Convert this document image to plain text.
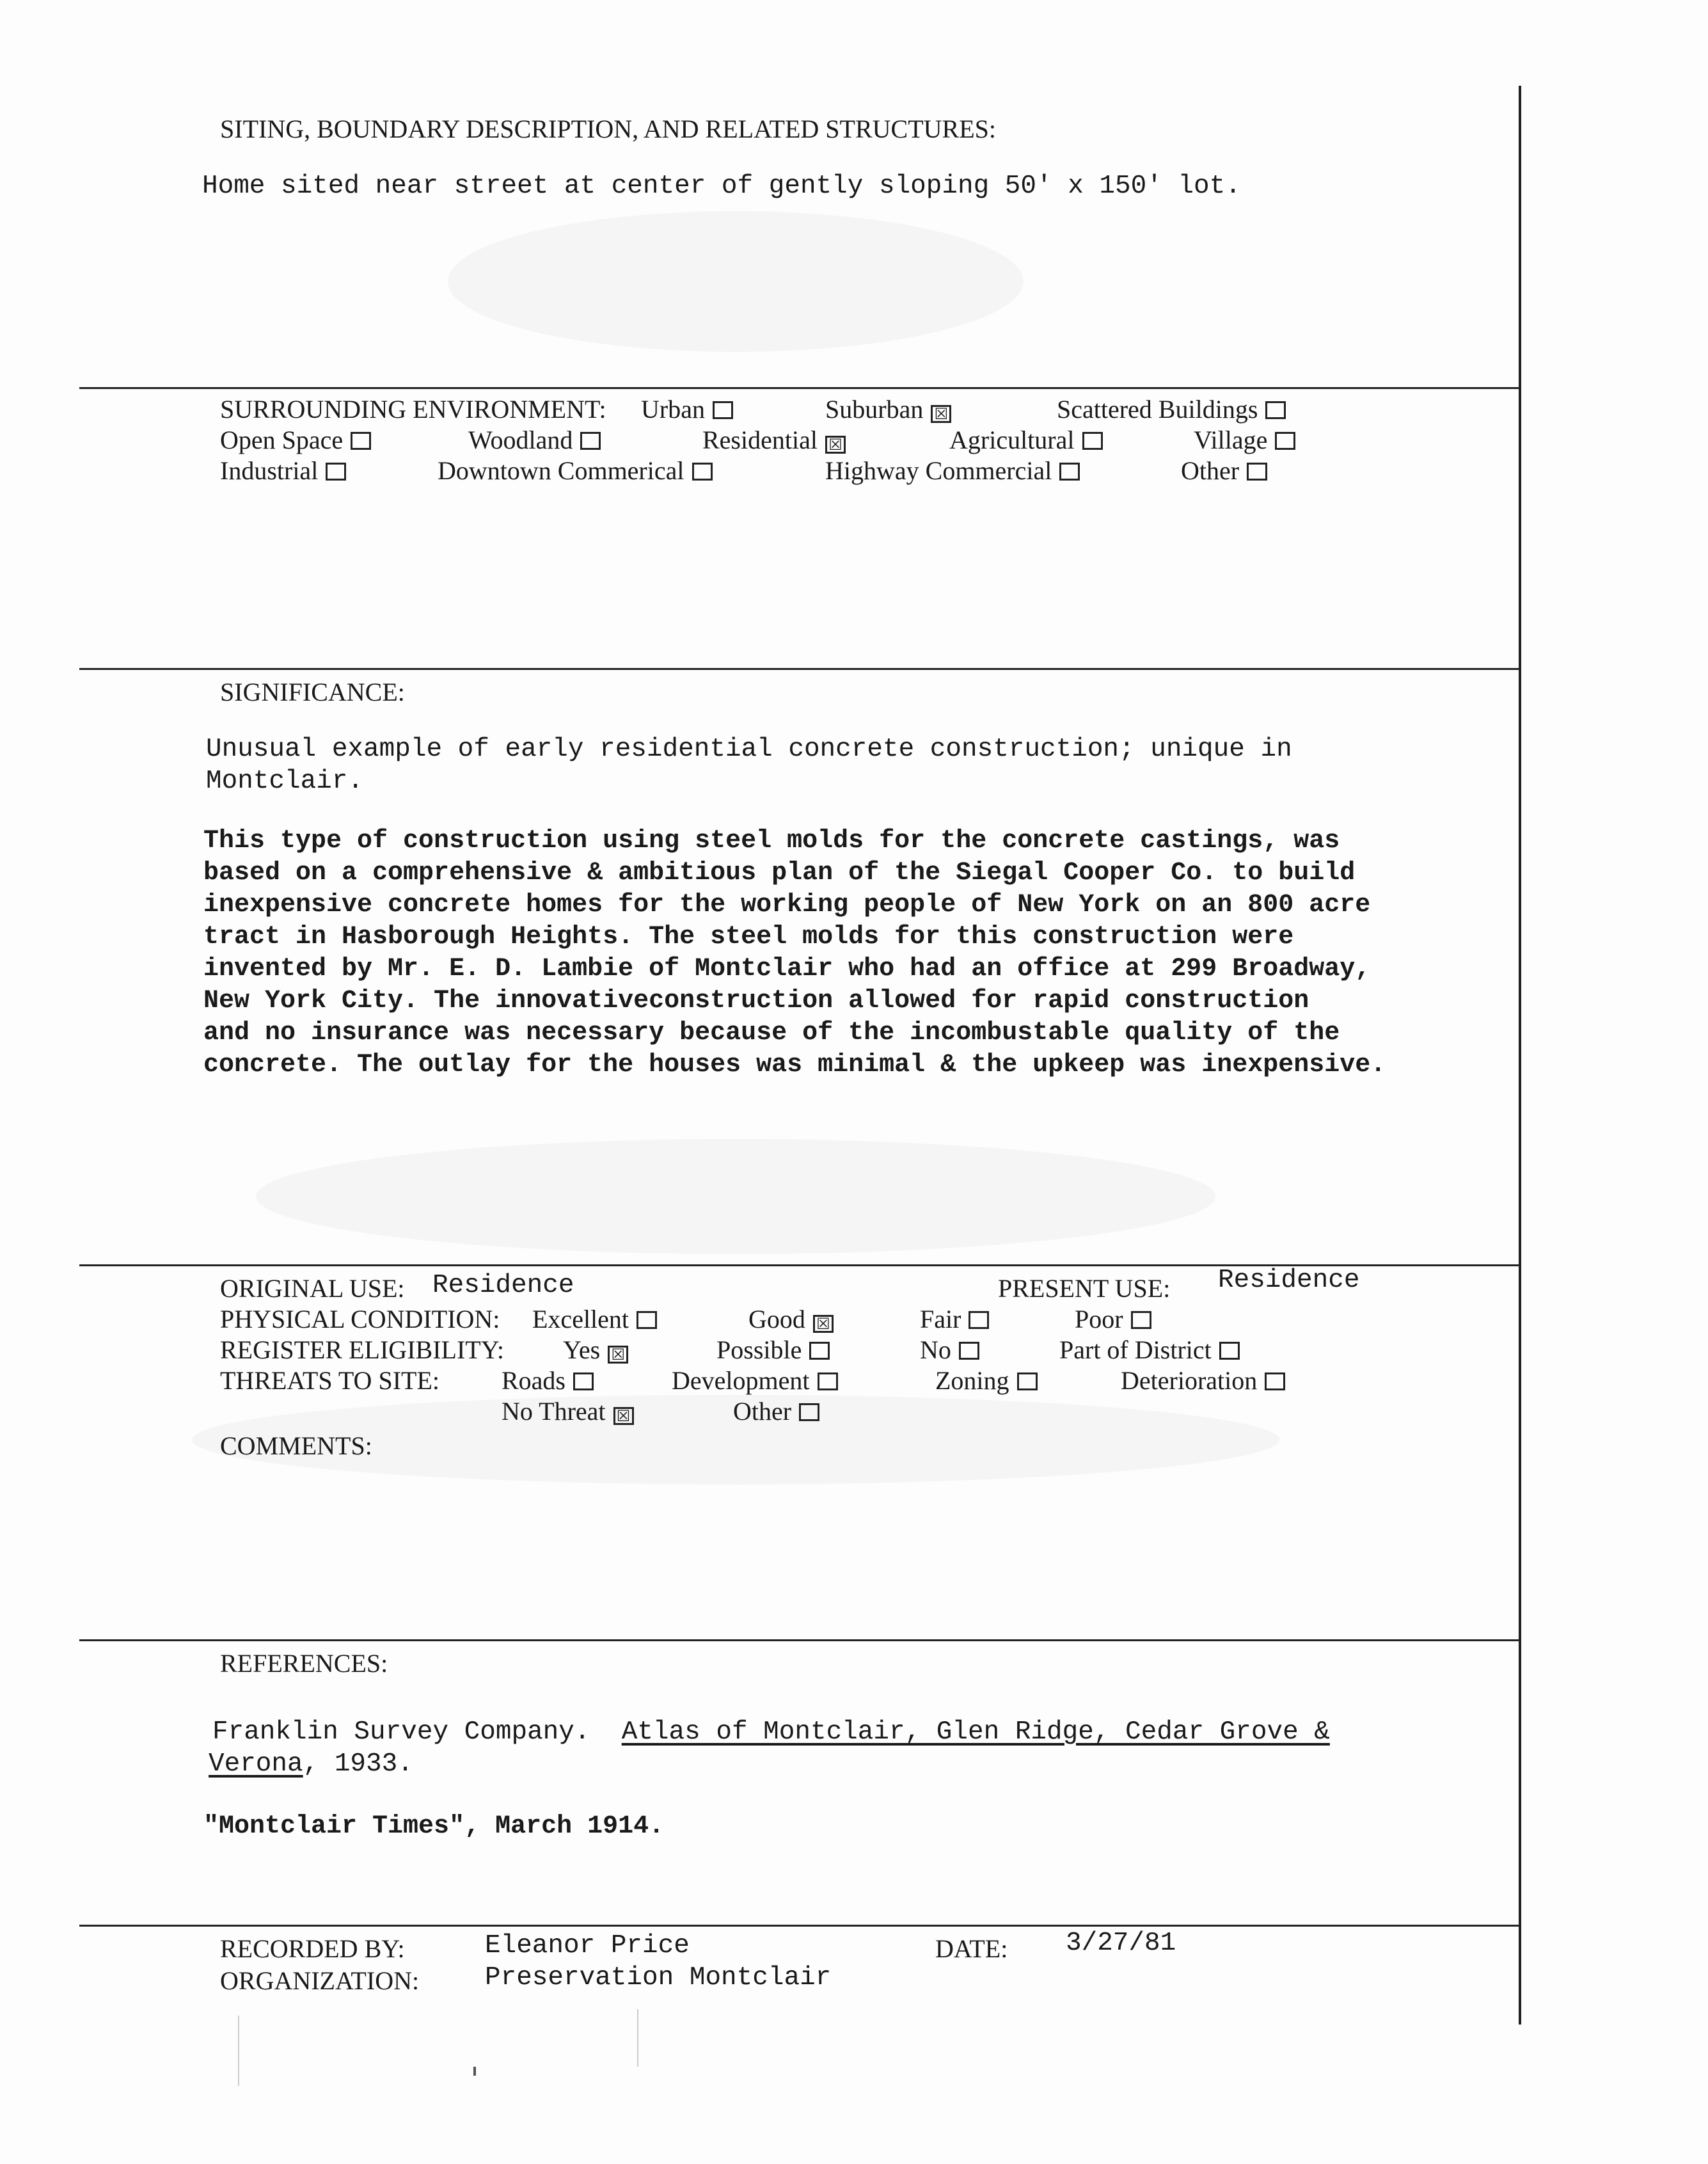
SITING, BOUNDARY DESCRIPTION, AND RELATED STRUCTURES:
Home sited near street at center of gently sloping 50' x 150' lot.
SURROUNDING ENVIRONMENT: Urban	Suburban ☒	Scattered Buildings
Open Space	Woodland	Residential ☒	Agricultural	Village
Industrial	Downtown Commerical	Highway Commercial	Other
SIGNIFICANCE:
Unusual example of early residential concrete construction; unique in Montclair.
This type of construction using steel molds for the concrete castings, was
based on a comprehensive & ambitious plan of the Siegal Cooper Co. to build
inexpensive concrete homes for the working people of New York on an 800 acre
tract in Hasborough Heights. The steel molds for this construction were
invented by Mr. E. D. Lambie of Montclair who had an office at 299 Broadway,
New York City. The innovativeconstruction allowed for rapid construction
and no insurance was necessary because of the incombustable quality of the
concrete. The outlay for the houses was minimal & the upkeep was inexpensive.
ORIGINAL USE: Residence	PRESENT USE: Residence
PHYSICAL CONDITION: Excellent	Good ☒	Fair	Poor
REGISTER ELIGIBILITY: Yes ☒	Possible	No	Part of District
THREATS TO SITE: Roads	Development	Zoning	Deterioration
No Threat ☒	Other
COMMENTS:
REFERENCES:
Franklin Survey Company. Atlas of Montclair, Glen Ridge, Cedar Grove &
Verona, 1933.
"Montclair Times", March 1914.
RECORDED BY:	Eleanor Price	DATE: 3/27/81
ORGANIZATION:	Preservation Montclair
